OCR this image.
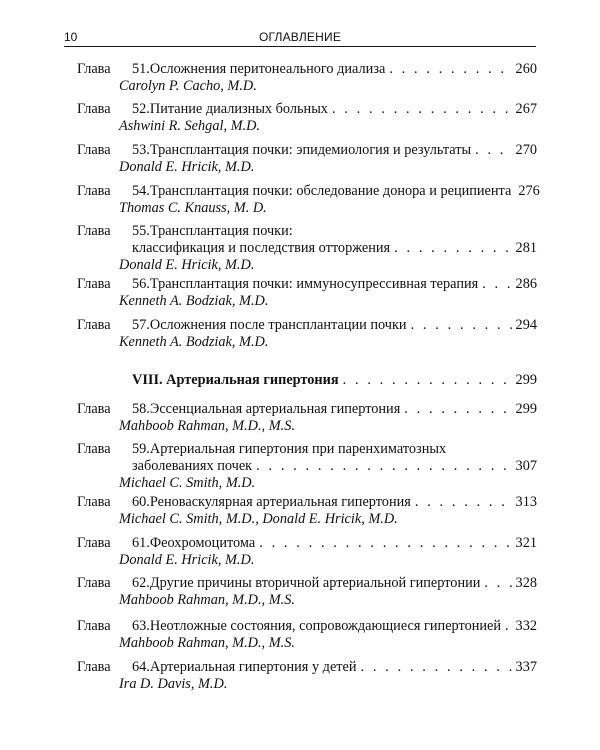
10	ОГЛАВЛЕНИЕ
Глава 51.Осложнения перитонеального диализа . . .	260
Carolyn P. Cacho, M.D.
Глава 52.Питание диализных больных . . .	267
Ashwini R. Sehgal, M.D.
Глава 53.Трансплантация почки: эпидемиология и результаты . . .	270
Donald E. Hricik, M.D.
Глава 54.Трансплантация почки: обследование донора и реципиента 276
Thomas C. Knauss, M. D.
Глава 55.Трансплантация почки:
классификация и последствия отторжения . . .	281
Donald E. Hricik, M.D.
Глава 56.Трансплантация почки: иммуносупрессивная терапия . . .	286
Kenneth A. Bodziak, M.D.
Глава 57.Осложнения после трансплантации почки . . .	294
Kenneth A. Bodziak, M.D.
VIII. Артериальная гипертония . . .	299
Глава 58.Эссенциальная артериальная гипертония . . .	299
Mahboob Rahman, M.D., M.S.
Глава 59.Артериальная гипертония при паренхиматозных
заболеваниях почек . . .	307
Michael C. Smith, M.D.
Глава 60.Реноваскулярная артериальная гипертония . . .	313
Michael C. Smith, M.D., Donald E. Hricik, M.D.
Глава 61.Феохромоцитома . . .	321
Donald E. Hricik, M.D.
Глава 62.Другие причины вторичной артериальной гипертонии . . . 328
Mahboob Rahman, M.D., M.S.
Глава 63.Неотложные состояния, сопровождающиеся гипертонией . . . 332
Mahboob Rahman, M.D., M.S.
Глава 64.Артериальная гипертония у детей . . .	337
Ira D. Davis, M.D.
